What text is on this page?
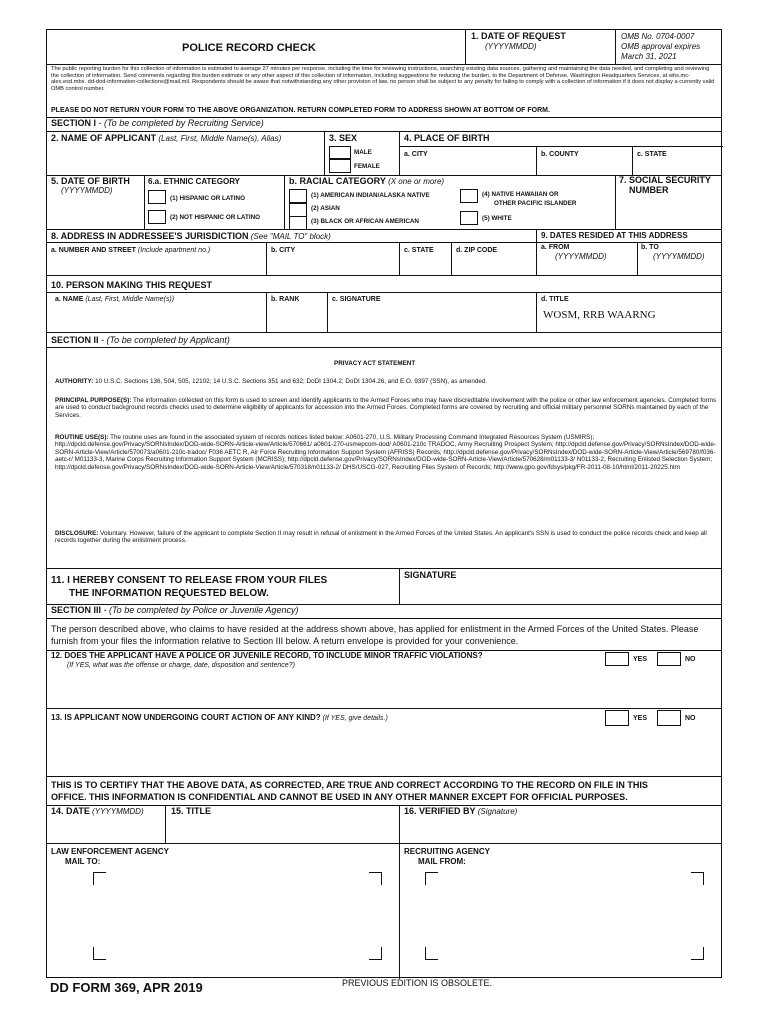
POLICE RECORD CHECK
1. DATE OF REQUEST
(YYYYMMDD)
OMB No. 0704-0007
OMB approval expires
March 31, 2021
The public reporting burden for this collection of information is estimated to average 27 minutes per response, including the time for reviewing instructions, searching existing data sources, gathering and maintaining the data needed, and completing and reviewing the collection of information. Send comments regarding this burden estimate or any other aspect of this collection of information, including suggestions for reducing the burden, to the Department of Defense, Washington Headquarters Services, at whs.mc-alex.esd.mbx. dd-dod-information-collections@mail.mil. Respondents should be aware that notwithstanding any other provision of law, no person shall be subject to any penalty for failing to comply with a collection of information if it does not display a currently valid OMB control number.
PLEASE DO NOT RETURN YOUR FORM TO THE ABOVE ORGANIZATION. RETURN COMPLETED FORM TO ADDRESS SHOWN AT BOTTOM OF FORM.
SECTION I - (To be completed by Recruiting Service)
2. NAME OF APPLICANT (Last, First, Middle Name(s), Alias)	3. SEX
MALE
FEMALE
4. PLACE OF BIRTH
a. CITY	b. COUNTY	c. STATE
5. DATE OF BIRTH
(YYYYMMDD)
6.a. ETHNIC CATEGORY
(1) HISPANIC OR LATINO
(2) NOT HISPANIC OR LATINO
b. RACIAL CATEGORY (X one or more)
(1) AMERICAN INDIAN/ALASKA NATIVE
(2) ASIAN
(3) BLACK OR AFRICAN AMERICAN
(4) NATIVE HAWAIIAN OR
OTHER PACIFIC ISLANDER
(5) WHITE
7. SOCIAL SECURITY
NUMBER
8. ADDRESS IN ADDRESSEE'S JURISDICTION (See "MAIL TO" block)	9. DATES RESIDED AT THIS ADDRESS
a. NUMBER AND STREET (Include apartment no.)	b. CITY	c. STATE	d. ZIP CODE	a. FROM
(YYYYMMDD)
b. TO
(YYYYMMDD)
10. PERSON MAKING THIS REQUEST
a. NAME (Last, First, Middle Name(s))	b. RANK	c. SIGNATURE	d. TITLE
WOSM, RRB WAARNG
SECTION II - (To be completed by Applicant)
PRIVACY ACT STATEMENT
AUTHORITY: 10 U.S.C. Sections 136, 504, 505, 12102; 14 U.S.C. Sections 351 and 632; DoDI 1304.2; DoDI 1304.26, and E.O. 9397 (SSN), as amended.
PRINCIPAL PURPOSE(S): The information collected on this form is used to screen and identify applicants to the Armed Forces who may have discreditable involvement with the police or other law enforcement agencies. Completed forms are used to conduct background records checks used to determine eligibility of applicants for accession into the Armed Forces. Completed forms are covered by recruiting and official military personnel SORNs maintained by each of the Services.
ROUTINE USE(S): The routine uses are found in the associated system of records notices listed below: A0601-270, U.S. Military Processing Command Integrated Resources System (USMIRS); http://dpcld.defense.gov/Privacy/SORNsIndex/DOD-wide-SORN-Article-view/Article/570661/ a0601-270-usmepcom-dod/ A0601-210c TRADOC, Army Recruiting Prospect System; http://dpcld.defense.gov/Privacy/SORNsIndex/DOD-wide-SORN-Article-View/Article/570073/a0601-210c-tradoc/ F036 AETC R, Air Force Recruiting Information Support System (AFRISS) Records; http://dpcld.defense.gov/Privacy/SORNsIndex/DOD-wide-SORN-Article-View/Article/569780/f036-aetc-r/ M01133-3, Marine Corps Recruiting Information Support System (MCRISS); http://dpcld.defense.gov/Privacy/SORNsIndex/DOD-wide-SORN-Article-View/Article/570628/m01133-3/ N01133-2, Recruiting Enlisted Selection System; http://dpcld.defense.gov/Privacy/SORNsIndex/DOD-wide-SORN-Article-View/Article/570318/n01133-2/ DHS/USCG-027, Recruiting Files System of Records; http://www.gpo.gov/fdsys/pkg/FR-2011-08-10/html/2011-20225.htm
DISCLOSURE: Voluntary. However, failure of the applicant to complete Section II may result in refusal of enlistment in the Armed Forces of the United States. An applicant's SSN is used to conduct the police records check and keep all records together during the enlistment process.
11. I HEREBY CONSENT TO RELEASE FROM YOUR FILES
THE INFORMATION REQUESTED BELOW.
SIGNATURE
SECTION III - (To be completed by Police or Juvenile Agency)
The person described above, who claims to have resided at the address shown above, has applied for enlistment in the Armed Forces of the United States. Please furnish from your files the information relative to Section III below. A return envelope is provided for your convenience.
12. DOES THE APPLICANT HAVE A POLICE OR JUVENILE RECORD, TO INCLUDE MINOR TRAFFIC VIOLATIONS?
(If YES, what was the offense or charge, date, disposition and sentence?)
YES	NO
13. IS APPLICANT NOW UNDERGOING COURT ACTION OF ANY KIND? (If YES, give details.)	YES	NO
THIS IS TO CERTIFY THAT THE ABOVE DATA, AS CORRECTED, ARE TRUE AND CORRECT ACCORDING TO THE RECORD ON FILE IN THIS
OFFICE. THIS INFORMATION IS CONFIDENTIAL AND CANNOT BE USED IN ANY OTHER MANNER EXCEPT FOR OFFICIAL PURPOSES.
14. DATE (YYYYMMDD)	15. TITLE	16. VERIFIED BY (Signature)
LAW ENFORCEMENT AGENCY
MAIL TO:
RECRUITING AGENCY
MAIL FROM:
DD FORM 369, APR 2019	PREVIOUS EDITION IS OBSOLETE.
